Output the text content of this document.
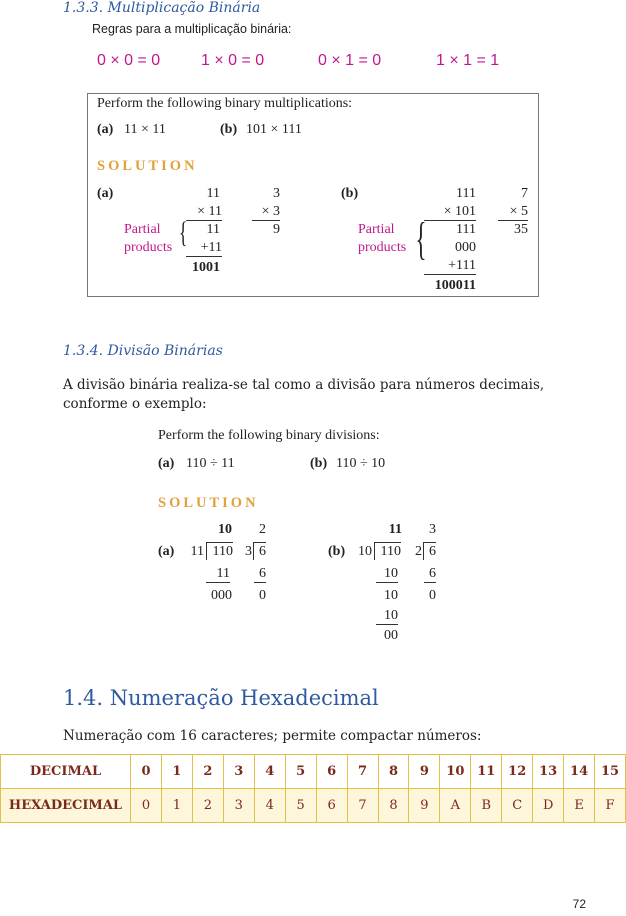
1.3.3. Multiplicação Binária
Regras para a multiplicação binária:
0 × 0 = 0	1 × 0 = 0	0 × 1 = 0	1 × 1 = 1
Perform the following binary multiplications:
(a) 11 × 11	(b) 101 × 111
SOLUTION
(a)	11
× 11
11
+11
1001
Partial
products {
3
× 3
9
(b)	111
× 101
111
000
+111
100011
Partial
products {
7
× 5
35
1.3.4. Divisão Binárias
A divisão binária realiza-se tal como a divisão para números decimais, conforme o exemplo:
Perform the following binary divisions:
(a) 110 ÷ 11	(b) 110 ÷ 10
SOLUTION
(a)
10
11 110
11
000
2
3 6
6
0
(b)
11
10 110
10
10
10
00
3
2 6
6
0
1.4. Numeração Hexadecimal
Numeração com 16 caracteres; permite compactar números:
DECIMAL	0	1	2	3	4	5	6	7	8	9	10	11	12	13	14	15
HEXADECIMAL	0	1	2	3	4	5	6	7	8	9	A	B	C	D	E	F
72
